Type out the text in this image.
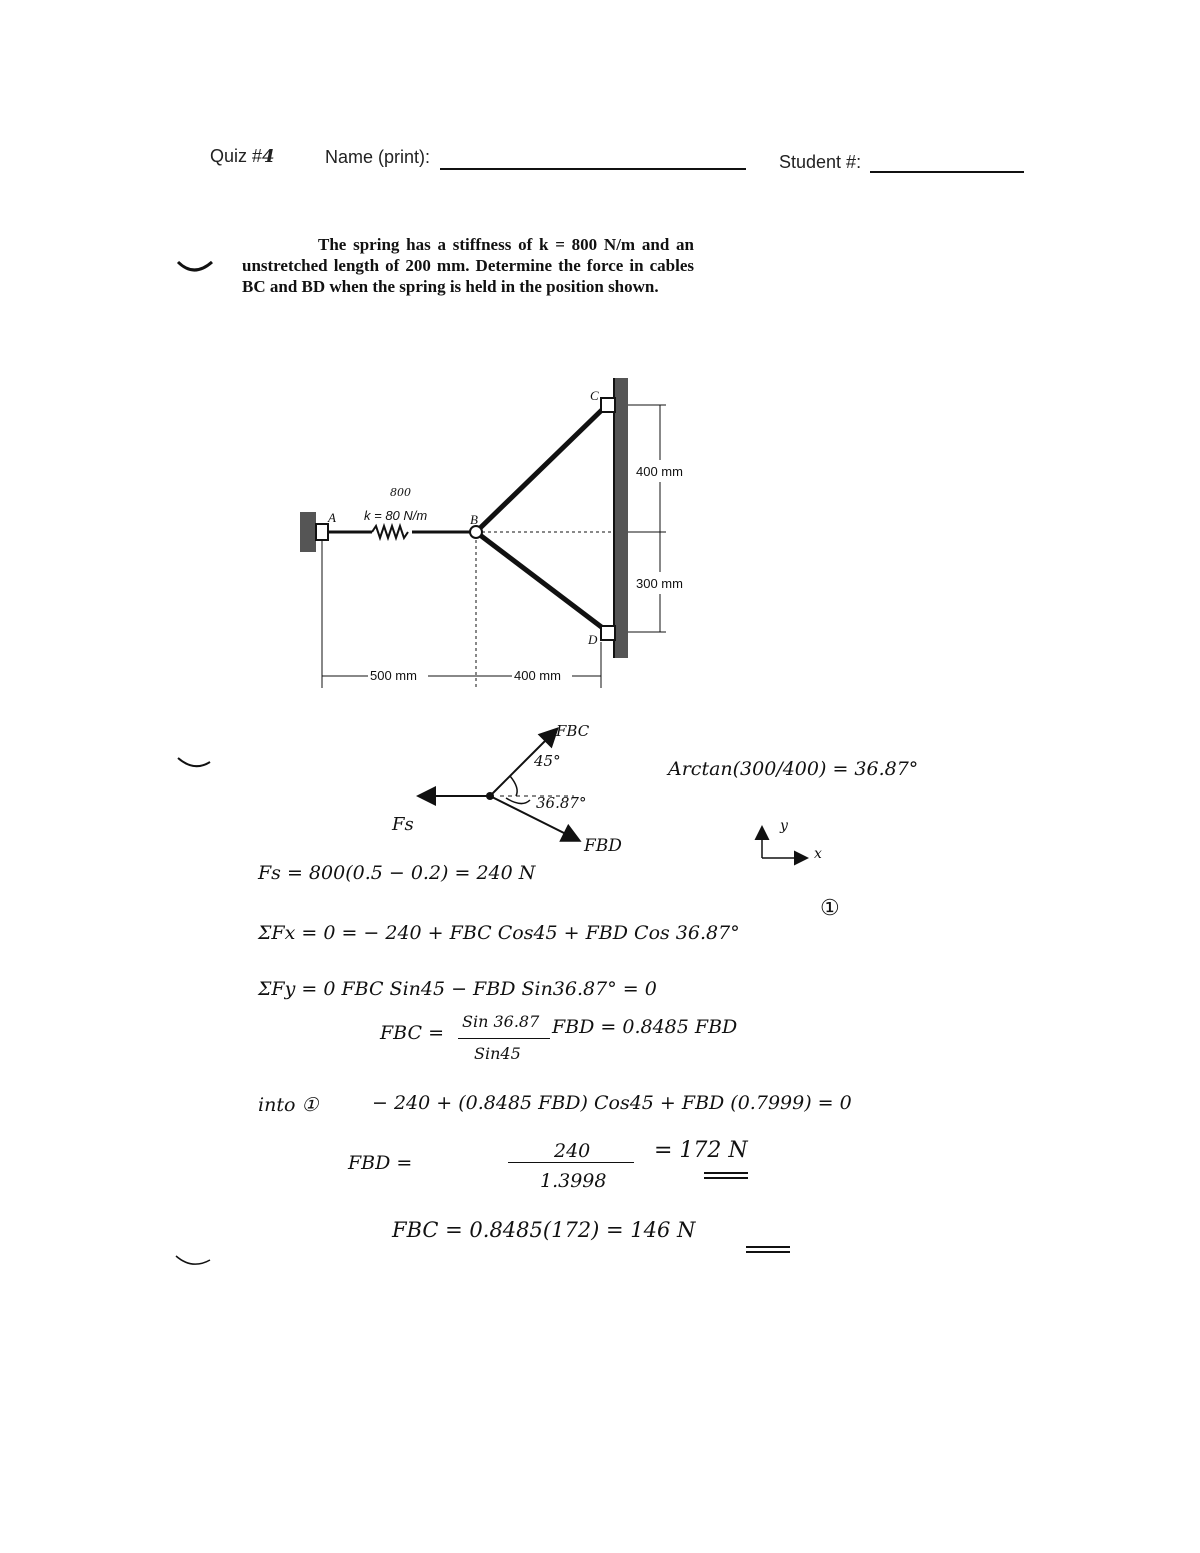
Quiz #4	Name (print):	Student #:
The spring has a stiffness of k = 800 N/m and an unstretched length of 200 mm. Determine the force in cables BC and BD when the spring is held in the position shown.
A	B
C
D
k = 80 N/m
800
400 mm
300 mm
500 mm	400 mm
FBC
45°
36.87°
FBD
Fs	y
x
Arctan(300/400) = 36.87°
Fs = 800(0.5 − 0.2) = 240 N
ΣFx = 0 = − 240 + FBC Cos45 + FBD Cos 36.87°
①
ΣFy = 0 FBC Sin45 − FBD Sin36.87° = 0
FBC =
Sin 36.87
Sin45
FBD = 0.8485 FBD
into ①	− 240 + (0.8485 FBD) Cos45 + FBD (0.7999) = 0
FBD =
240
1.3998
= 172 N
FBC = 0.8485(172) = 146 N
